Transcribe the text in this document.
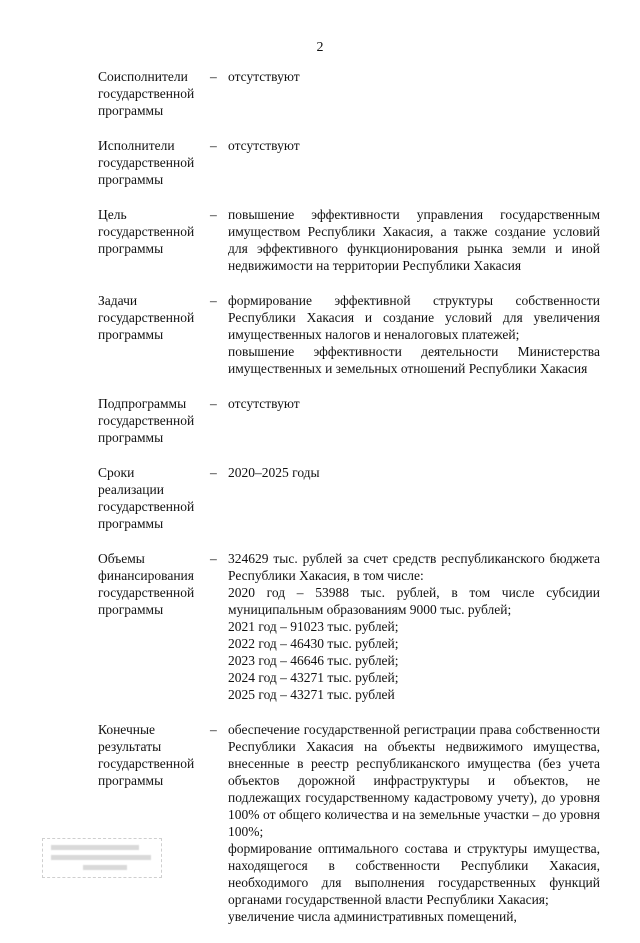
2
Соисполнители
государственной
программы
– отсутствуют

Исполнители
государственной
программы
– отсутствуют

Цель
государственной
программы
– повышение эффективности управления государственным имуществом Республики Хакасия, а также создание условий для эффективного функционирования рынка земли и иной недвижимости на территории Республики Хакасия

Задачи
государственной
программы
– формирование эффективной структуры собственности Республики Хакасия и создание условий для увеличения имущественных налогов и неналоговых платежей;

повышение эффективности деятельности Министерства имущественных и земельных отношений Республики Хакасия

Подпрограммы
государственной
программы
– отсутствуют

Сроки
реализации
государственной
программы
– 2020–2025 годы

Объемы
финансирования
государственной
программы
– 324629 тыс. рублей за счет средств республиканского бюджета Республики Хакасия, в том числе:

2020 год – 53988 тыс. рублей, в том числе субсидии муниципальным образованиям 9000 тыс. рублей;

2021 год – 91023 тыс. рублей;

2022 год – 46430 тыс. рублей;

2023 год – 46646 тыс. рублей;

2024 год – 43271 тыс. рублей;

2025 год – 43271 тыс. рублей

Конечные
результаты
государственной
программы
– обеспечение государственной регистрации права собственности Республики Хакасия на объекты недвижимого имущества, внесенные в реестр республиканского имущества (без учета объектов дорожной инфраструктуры и объектов, не подлежащих государственному кадастровому учету), до уровня 100% от общего количества и на земельные участки – до уровня 100%;

формирование оптимального состава и структуры имущества, находящегося в собственности Республики Хакасия, необходимого для выполнения государственных функций органами государственной власти Республики Хакасия;

увеличение числа административных помещений,
